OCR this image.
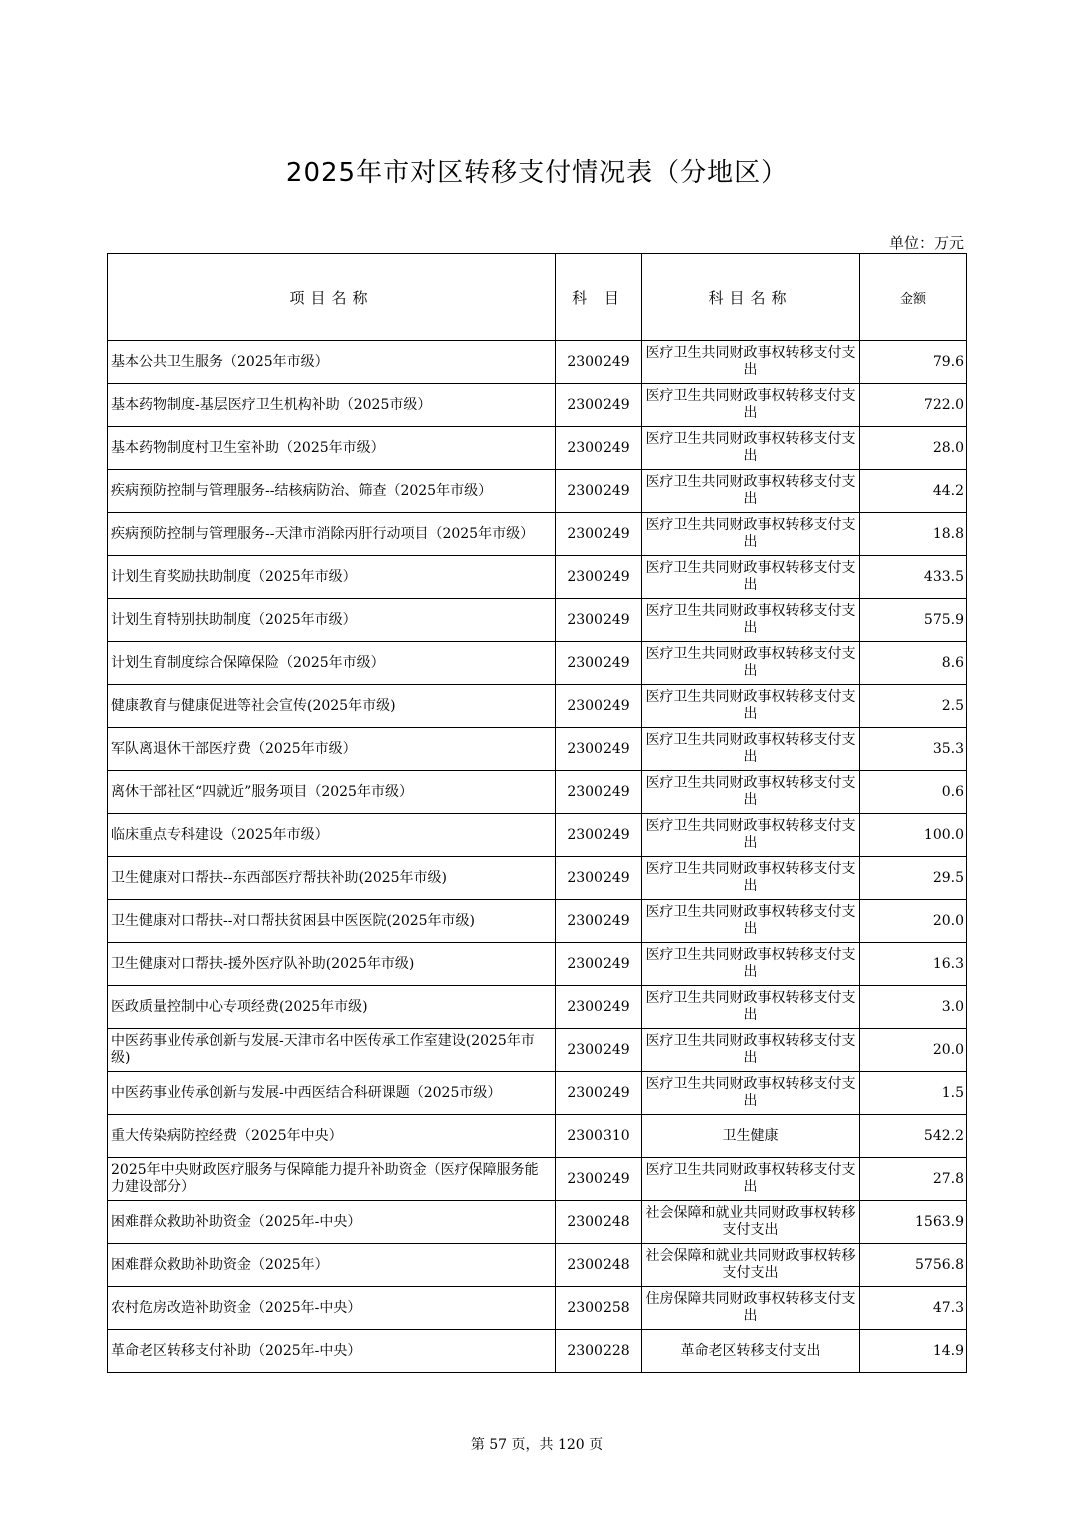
2025年市对区转移支付情况表（分地区）
单位：万元
项目名称	科 目	科目名称	金额
基本公共卫生服务（2025年市级）	2300249	医疗卫生共同财政事权转移支付支出	79.6
基本药物制度-基层医疗卫生机构补助（2025市级）	2300249	医疗卫生共同财政事权转移支付支出	722.0
基本药物制度村卫生室补助（2025年市级）	2300249	医疗卫生共同财政事权转移支付支出	28.0
疾病预防控制与管理服务--结核病防治、筛查（2025年市级）	2300249	医疗卫生共同财政事权转移支付支出	44.2
疾病预防控制与管理服务--天津市消除丙肝行动项目（2025年市级）	2300249	医疗卫生共同财政事权转移支付支出	18.8
计划生育奖励扶助制度（2025年市级）	2300249	医疗卫生共同财政事权转移支付支出	433.5
计划生育特别扶助制度（2025年市级）	2300249	医疗卫生共同财政事权转移支付支出	575.9
计划生育制度综合保障保险（2025年市级）	2300249	医疗卫生共同财政事权转移支付支出	8.6
健康教育与健康促进等社会宣传(2025年市级)	2300249	医疗卫生共同财政事权转移支付支出	2.5
军队离退休干部医疗费（2025年市级）	2300249	医疗卫生共同财政事权转移支付支出	35.3
离休干部社区“四就近”服务项目（2025年市级）	2300249	医疗卫生共同财政事权转移支付支出	0.6
临床重点专科建设（2025年市级）	2300249	医疗卫生共同财政事权转移支付支出	100.0
卫生健康对口帮扶--东西部医疗帮扶补助(2025年市级)	2300249	医疗卫生共同财政事权转移支付支出	29.5
卫生健康对口帮扶--对口帮扶贫困县中医医院(2025年市级)	2300249	医疗卫生共同财政事权转移支付支出	20.0
卫生健康对口帮扶-援外医疗队补助(2025年市级)	2300249	医疗卫生共同财政事权转移支付支出	16.3
医政质量控制中心专项经费(2025年市级)	2300249	医疗卫生共同财政事权转移支付支出	3.0
中医药事业传承创新与发展-天津市名中医传承工作室建设(2025年市级)	2300249	医疗卫生共同财政事权转移支付支出	20.0
中医药事业传承创新与发展-中西医结合科研课题（2025市级）	2300249	医疗卫生共同财政事权转移支付支出	1.5
重大传染病防控经费（2025年中央）	2300310	卫生健康	542.2
2025年中央财政医疗服务与保障能力提升补助资金（医疗保障服务能力建设部分）	2300249	医疗卫生共同财政事权转移支付支出	27.8
困难群众救助补助资金（2025年-中央）	2300248	社会保障和就业共同财政事权转移支付支出	1563.9
困难群众救助补助资金（2025年）	2300248	社会保障和就业共同财政事权转移支付支出	5756.8
农村危房改造补助资金（2025年-中央）	2300258	住房保障共同财政事权转移支付支出	47.3
革命老区转移支付补助（2025年-中央）	2300228	革命老区转移支付支出	14.9
第 57 页，共 120 页
